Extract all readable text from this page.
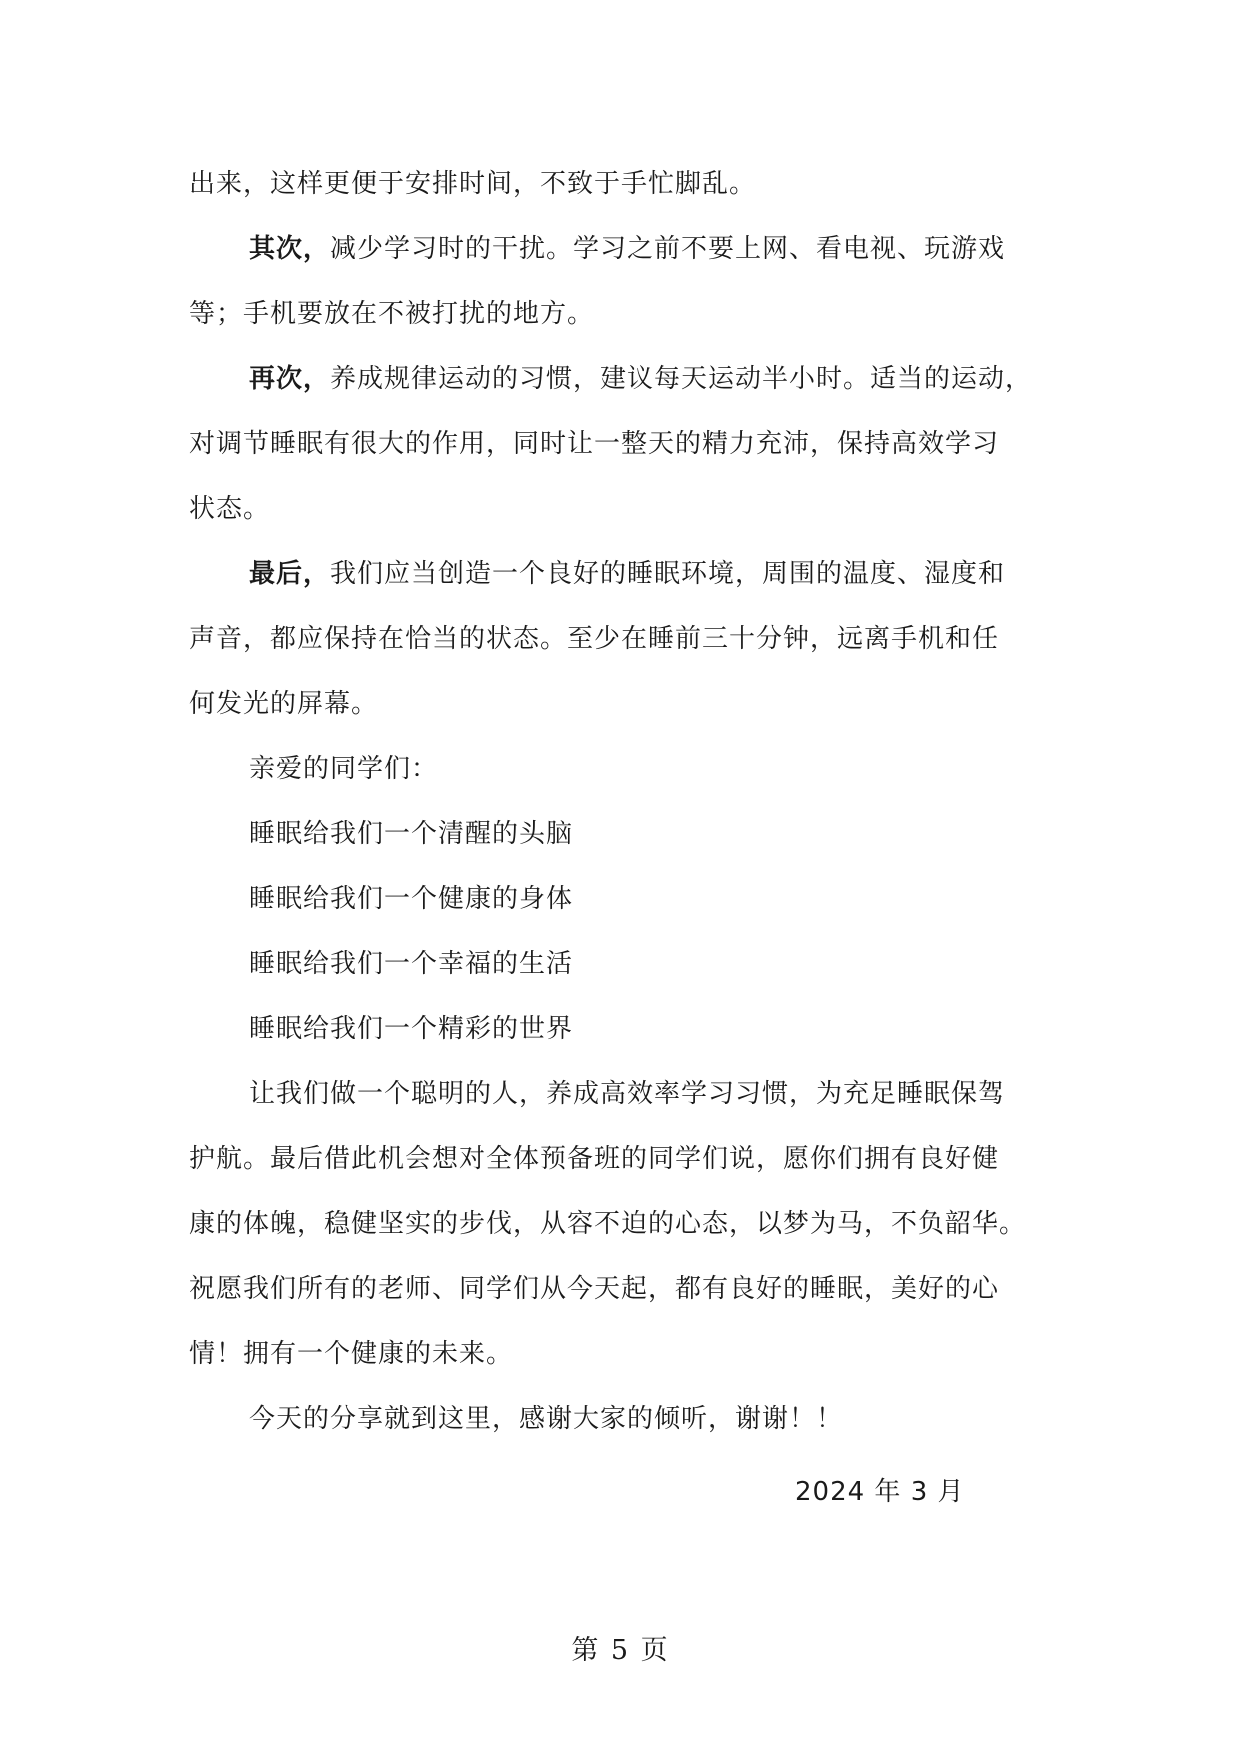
出来，这样更便于安排时间，不致于手忙脚乱。
其次，减少学习时的干扰。学习之前不要上网、看电视、玩游戏
等；手机要放在不被打扰的地方。
再次，养成规律运动的习惯，建议每天运动半小时。适当的运动，
对调节睡眠有很大的作用，同时让一整天的精力充沛，保持高效学习
状态。
最后，我们应当创造一个良好的睡眠环境，周围的温度、湿度和
声音，都应保持在恰当的状态。至少在睡前三十分钟，远离手机和任
何发光的屏幕。
亲爱的同学们：
睡眠给我们一个清醒的头脑
睡眠给我们一个健康的身体
睡眠给我们一个幸福的生活
睡眠给我们一个精彩的世界
让我们做一个聪明的人，养成高效率学习习惯，为充足睡眠保驾
护航。最后借此机会想对全体预备班的同学们说，愿你们拥有良好健
康的体魄，稳健坚实的步伐，从容不迫的心态，以梦为马，不负韶华。
祝愿我们所有的老师、同学们从今天起，都有良好的睡眠，美好的心
情！拥有一个健康的未来。
今天的分享就到这里，感谢大家的倾听，谢谢！！
2024 年 3 月
第 5 页
